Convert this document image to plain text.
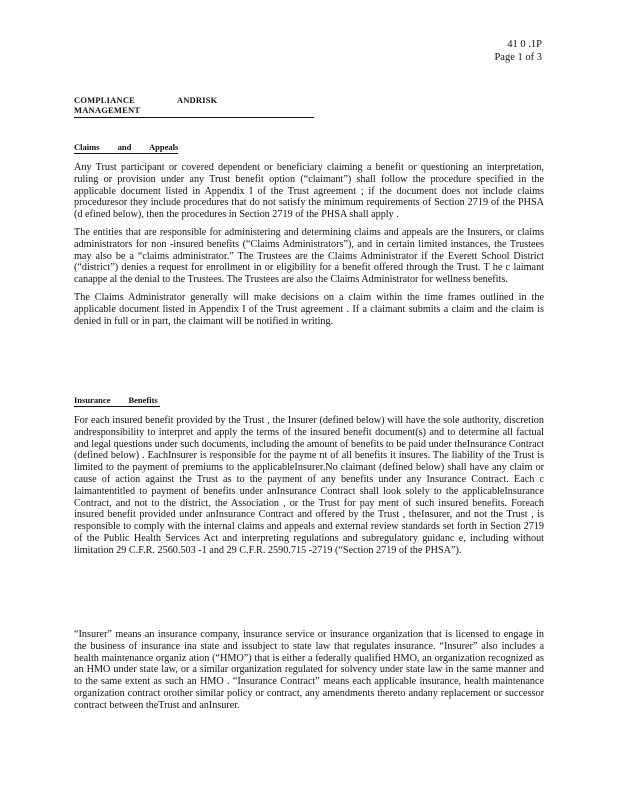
41 0 .1P
Page 1 of 3
COMPLIANCE ANDRISK MANAGEMENT
Claims and Appeals

Any Trust participant or covered dependent or beneficiary claiming a benefit or questioning an interpretation, ruling or provision under any Trust benefit option (“claimant”) shall follow the procedure specified in the applicable document listed in Appendix I of the Trust agreement ; if the document does not include claims proceduresor they include procedures that do not satisfy the minimum requirements of Section 2719 of the PHSA (d efined below), then the procedures in Section 2719 of the PHSA shall apply .

The entities that are responsible for administering and determining claims and appeals are the Insurers, or claims administrators for non -insured benefits (“Claims Administrators”), and in certain limited instances, the Trustees may also be a “claims administrator.” The Trustees are the Claims Administrator if the Everett School District (“district”) denies a request for enrollment in or eligibility for a benefit offered through the Trust. T he c laimant canappe al the denial to the Trustees. The Trustees are also the Claims Administrator for wellness benefits.

The Claims Administrator generally will make decisions on a claim within the time frames outlined in the applicable document listed in Appendix I of the Trust agreement . If a claimant submits a claim and the claim is denied in full or in part, the claimant will be notified in writing.

Insurance Benefits

For each insured benefit provided by the Trust , the Insurer (defined below) will have the sole authority, discretion andresponsibility to interpret and apply the terms of the insured benefit document(s) and to determine all factual and legal questions under such documents, including the amount of benefits to be paid under theInsurance Contract (defined below) . EachInsurer is responsible for the payme nt of all benefits it insures. The liability of the Trust is limited to the payment of premiums to the applicableInsurer.No claimant (defined below) shall have any claim or cause of action against the Trust as to the payment of any benefits under any Insurance Contract. Each c laimantentitled to payment of benefits under anInsurance Contract shall look solely to the applicableInsurance Contract, and not to the district, the Association , or the Trust for pay ment of such insured benefits. Foreach insured benefit provided under anInsurance Contract and offered by the Trust , theInsurer, and not the Trust , is responsible to comply with the internal claims and appeals and external review standards set forth in Section 2719 of the Public Health Services Act and interpreting regulations and subregulatory guidanc e, including without limitation 29 C.F.R. 2560.503 -1 and 29 C.F.R. 2590.715 -2719 (“Section 2719 of the PHSA”).

“Insurer” means an insurance company, insurance service or insurance organization that is licensed to engage in the business of insurance ina state and issubject to state law that regulates insurance. “Insurer” also includes a health maintenance organiz ation (“HMO”) that is either a federally qualified HMO, an organization recognized as an HMO under state law, or a similar organization regulated for solvency under state law in the same manner and to the same extent as such an HMO . “Insurance Contract” means each applicable insurance, health maintenance organization contract orother similar policy or contract, any amendments thereto andany replacement or successor contract between theTrust and anInsurer.
